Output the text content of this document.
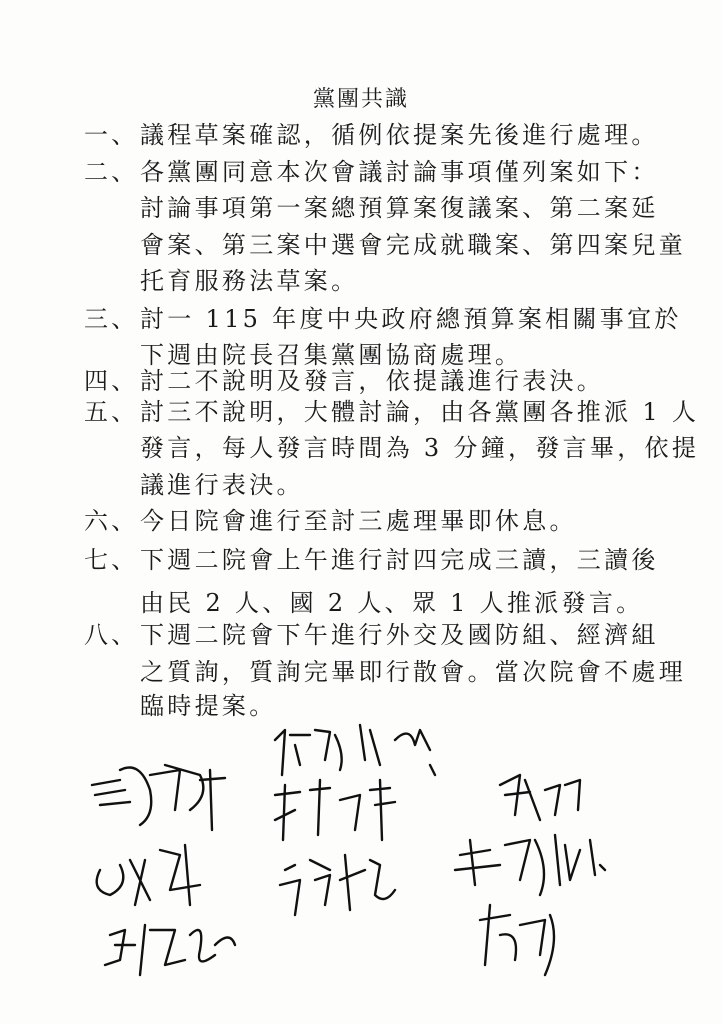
黨團共識
一、 議程草案確認，循例依提案先後進行處理。
二、 各黨團同意本次會議討論事項僅列案如下：
討論事項第一案總預算案復議案、第二案延
會案、第三案中選會完成就職案、第四案兒童
托育服務法草案。
三、 討一 115 年度中央政府總預算案相關事宜於
下週由院長召集黨團協商處理。
四、 討二不說明及發言，依提議進行表決。
五、 討三不說明，大體討論，由各黨團各推派 1 人
發言，每人發言時間為 3 分鐘，發言畢，依提
議進行表決。
六、 今日院會進行至討三處理畢即休息。
七、 下週二院會上午進行討四完成三讀，三讀後
由民 2 人、國 2 人、眾 1 人推派發言。
八、 下週二院會下午進行外交及國防組、經濟組
之質詢，質詢完畢即行散會。當次院會不處理
臨時提案。
